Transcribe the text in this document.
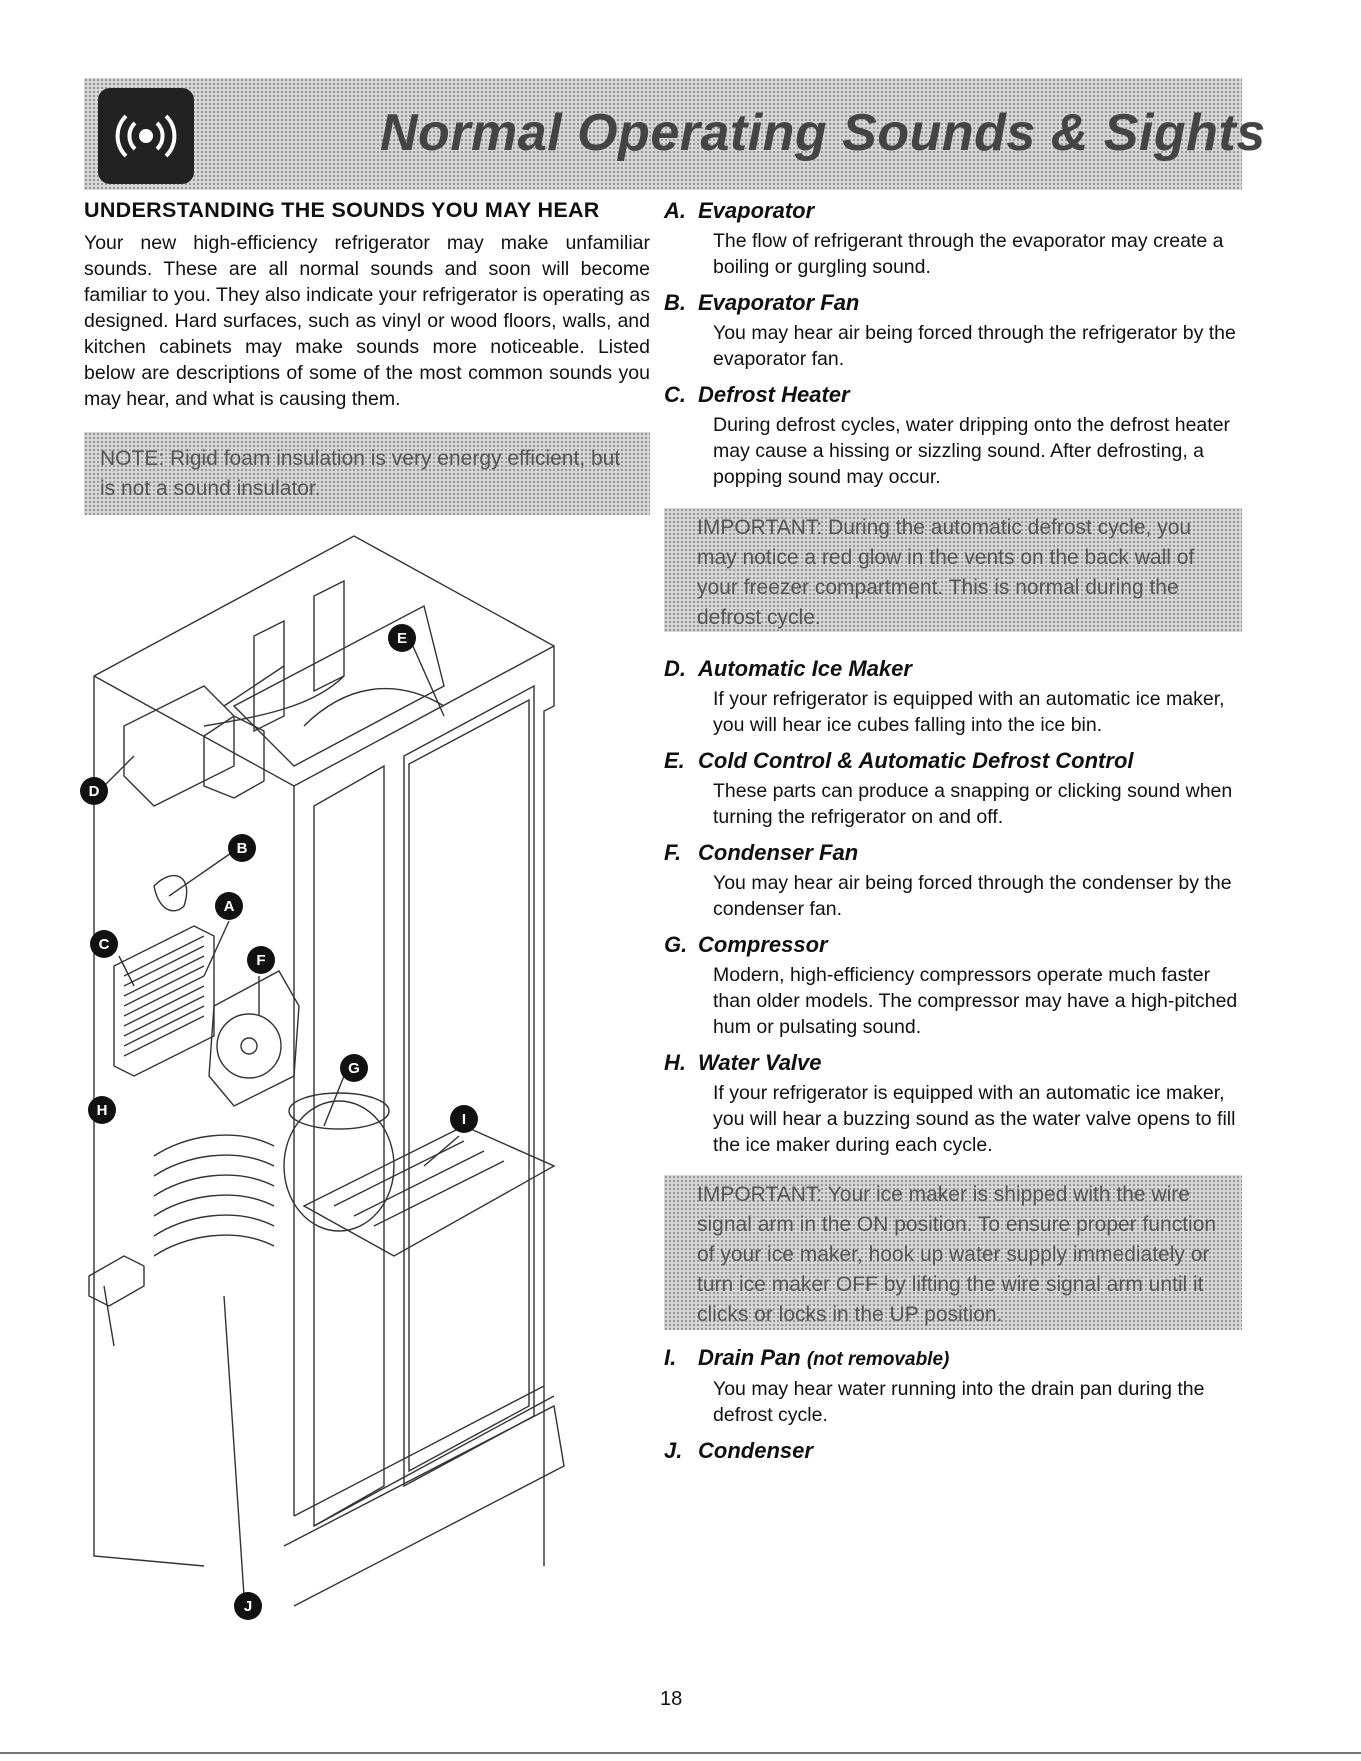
Normal Operating Sounds & Sights
UNDERSTANDING THE SOUNDS YOU MAY HEAR

Your new high-efficiency refrigerator may make unfamiliar sounds. These are all normal sounds and soon will become familiar to you. They also indicate your refrigerator is operating as designed. Hard surfaces, such as vinyl or wood floors, walls, and kitchen cabinets may make sounds more noticeable. Listed below are descriptions of some of the most common sounds you may hear, and what is causing them.

NOTE: Rigid foam insulation is very energy efficient, but is not a sound insulator.

E
D
B
A
C
F
G
I
H
J
A. Evaporator

The flow of refrigerant through the evaporator may create a boiling or gurgling sound.

B. Evaporator Fan

You may hear air being forced through the refrigerator by the evaporator fan.

C. Defrost Heater

During defrost cycles, water dripping onto the defrost heater may cause a hissing or sizzling sound. After defrosting, a popping sound may occur.

IMPORTANT: During the automatic defrost cycle, you may notice a red glow in the vents on the back wall of your freezer compartment. This is normal during the defrost cycle.

D. Automatic Ice Maker

If your refrigerator is equipped with an automatic ice maker, you will hear ice cubes falling into the ice bin.

E. Cold Control & Automatic Defrost Control

These parts can produce a snapping or clicking sound when turning the refrigerator on and off.

F. Condenser Fan

You may hear air being forced through the condenser by the condenser fan.

G. Compressor

Modern, high-efficiency compressors operate much faster than older models. The compressor may have a high-pitched hum or pulsating sound.

H. Water Valve

If your refrigerator is equipped with an automatic ice maker, you will hear a buzzing sound as the water valve opens to fill the ice maker during each cycle.

IMPORTANT: Your ice maker is shipped with the wire signal arm in the ON position. To ensure proper function of your ice maker, hook up water supply immediately or turn ice maker OFF by lifting the wire signal arm until it clicks or locks in the UP position.

I. Drain Pan (not removable)

You may hear water running into the drain pan during the defrost cycle.

J. Condenser
18
